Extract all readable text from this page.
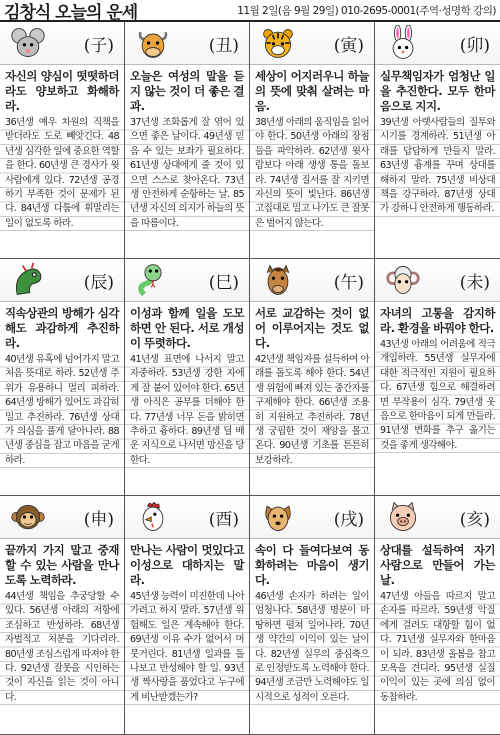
김창식 오늘의 운세	11월 2일(음 9월 29일) 010-2695-0001(주역·성명학 강의)
(子)
자신의 양심이 떳떳하더라도 양보하고 화해하라.
36년생 예우 차원의 직책을 받더라도 도로 빼앗긴다. 48년생 심각한 일에 중요한 역할을 한다. 60년생 큰 경사가 윗사람에게 있다. 72년생 공경하기 부족한 것이 문제가 된다. 84년생 다툼에 휘말리는 일이 없도록 하라.
(丑)
오늘은 여성의 말을 듣지 않는 것이 더 좋은 결과.
37년생 조화롭게 잘 엮어 있으면 좋은 날이다. 49년생 믿음 수 있는 보좌가 필요하다. 61년생 상대에게 줄 것이 있으면 스스로 찾아온다. 73년생 안전하게 순항하는 날. 85년생 자신의 의지가 하늘의 뜻을 따름이다.
(寅)
세상이 어지러우니 하늘의 뜻에 맞춰 살려는 마음.
38년생 아래의 움직임을 읽어야 한다. 50년생 아래의 장점들을 파악하라. 62년생 윗사람보다 아래 생생 통을 돌보라. 74년생 질서를 잘 지키면 자신의 뜻이 빛난다. 86년생 고집대로 밀고 나가도 큰 잘못은 벌어지 않는다.
(卯)
실무책임자가 엄청난 일을 추진한다. 모두 한마음으로 지지.
39년생 아랫사람들의 질투와 시기를 경계하라. 51년생 아래를 답답하게 만들지 말라. 63년생 흉계를 꾸며 상대를 해하지 말라. 75년생 비상대책을 강구하라. 87년생 상대가 강하니 안전하게 행동하라.
(辰)
직속상관의 방해가 심각해도 과감하게 추진하라.
40년생 유혹에 넘어가지 말고 처음 뜻대로 하라. 52년생 주위가 유용하니 멀리 피하라. 64년생 방해가 있어도 과감히 밀고 추진하라. 76년생 상대가 의심을 풀게 달아나라. 88년생 중심을 잡고 마음을 굳게 하라.
(巳)
이성과 함께 일을 도모하면 안 된다. 서로 개성이 뚜렷하다.
41년생 표면에 나서지 말고 자중하라. 53년생 강한 자에게 잘 붙어 있어야 한다. 65년생 아직은 공부를 더해야 한다. 77년생 너무 돈을 밝히면 추하고 흉하다. 89년생 딜 배운 지식으로 나서면 망신을 당한다.
(午)
서로 교감하는 것이 없어 이루어지는 것도 없다.
42년생 책임자를 설득하여 아래를 돌도록 해야 한다. 54년생 위험에 빠져 있는 중간자를 구제해야 한다. 66년생 조용히 지원하고 추진하라. 78년생 궁핍한 것이 재앙을 몰고 온다. 90년생 기초를 튼튼히 보강하라.
(未)
자녀의 고통을 감지하라. 환경을 바꿔야 한다.
43년생 아래의 어려움에 적극 개입하라. 55년생 실무자에 대한 적극적인 지원이 필요하다. 67년생 힘으로 해결하려면 부작용이 심각. 79년생 웃음으로 한마음이 되게 만들라. 91년생 변화를 추구 옮기는 것을 좋게 생각해야.
(申)
끝까지 가지 말고 중재할 수 있는 사람을 만나도록 노력하라.
44년생 책임을 추궁당할 수 있다. 56년생 아래의 저항에 조심하고 반성하라. 68년생 자벌적고 처분을 기다리라. 80년생 조심스럽게 따져야 한다. 92년생 잘못을 시인하는 것이 자신을 읽는 것이 아니다.
(酉)
만나는 사람이 멋있다고 이성으로 대하지는 말라.
45년생 능력이 미진한데 나아가려고 하지 말라. 57년생 위험해도 일은 계속해야 한다. 69년생 이유 수가 없어서 머뭇거린다. 81년생 일과를 돌나보고 반성해야 할 일. 93년생 짝사랑을 품었다고 누구에게 비난받겠는가?
(戌)
속이 다 들여다보여 동화하려는 마음이 생기다.
46년생 손자가 하려는 일이 엄청나다. 58년생 명분이 마땅하면 펼쳐 일어나라. 70년생 약간의 이익이 있는 날이다. 82년생 실무의 중심축으로 인정받도록 노력해야 한다. 94년생 조금만 노력해야도 일시적으로 성적이 오른다.
(亥)
상대를 설득하여 자기 사람으로 만들어 가는 날.
47년생 아들을 따르지 말고 손자를 따르라. 59년생 악질에게 걸려도 대항할 힘이 없다. 71년생 실무자와 한마음이 되라. 83년생 올봄을 참고 모욕을 견디라. 95년생 실질 이익이 있는 곳에 의심 없이 동참하라.
